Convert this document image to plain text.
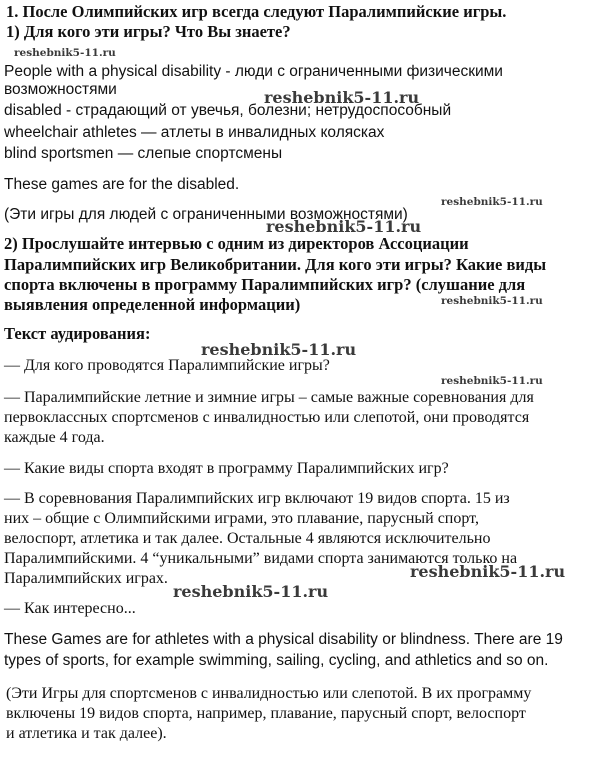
1. После Олимпийских игр всегда следуют Паралимпийские игры.

1) Для кого эти игры? Что Вы знаете?

People with a physical disability - люди с ограниченными физическими

возможностями

disabled - страдающий от увечья, болезни; нетрудоспособный

wheelchair athletes — атлеты в инвалидных колясках

blind sportsmen — слепые спортсмены

These games are for the disabled.

(Эти игры для людей с ограниченными возможностями)

2) Прослушайте интервью с одним из директоров Ассоциации

Паралимпийских игр Великобритании. Для кого эти игры? Какие виды

спорта включены в программу Паралимпийских игр? (слушание для

выявления определенной информации)

Текст аудирования:

— Для кого проводятся Паралимпийские игры?

— Паралимпийские летние и зимние игры – самые важные соревнования для

первоклассных спортсменов с инвалидностью или слепотой, они проводятся

каждые 4 года.

— Какие виды спорта входят в программу Паралимпийских игр?

— В соревнования Паралимпийских игр включают 19 видов спорта. 15 из

них – общие с Олимпийскими играми, это плавание, парусный спорт,

велоспорт, атлетика и так далее. Остальные 4 являются исключительно

Паралимпийскими. 4 “уникальными” видами спорта занимаются только на

Паралимпийских играх.

— Как интересно...

These Games are for athletes with a physical disability or blindness. There are 19

types of sports, for example swimming, sailing, cycling, and athletics and so on.

(Эти Игры для спортсменов с инвалидностью или слепотой. В их программу

включены 19 видов спорта, например, плавание, парусный спорт, велоспорт

и атлетика и так далее).

reshebnik5-11.ru
reshebnik5-11.ru
reshebnik5-11.ru
reshebnik5-11.ru
reshebnik5-11.ru
reshebnik5-11.ru
reshebnik5-11.ru
reshebnik5-11.ru
reshebnik5-11.ru
